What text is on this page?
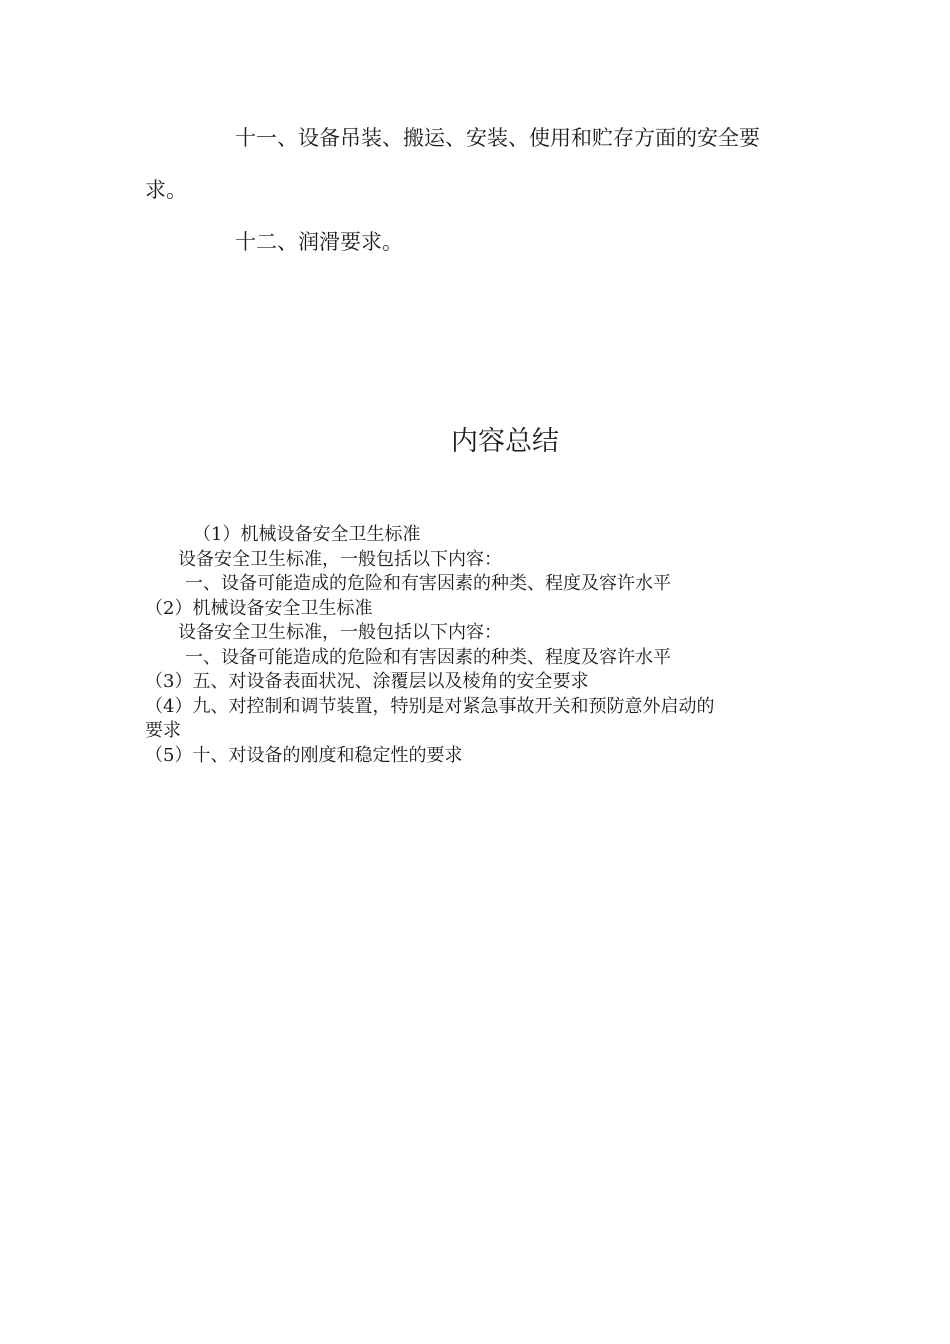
十一、设备吊装、搬运、安装、使用和贮存方面的安全要

求。

十二、润滑要求。

内容总结
（1）机械设备安全卫生标准
设备安全卫生标准，一般包括以下内容：
一、设备可能造成的危险和有害因素的种类、程度及容许水平
（2）机械设备安全卫生标准
设备安全卫生标准，一般包括以下内容：
一、设备可能造成的危险和有害因素的种类、程度及容许水平
（3）五、对设备表面状况、涂覆层以及棱角的安全要求
（4）九、对控制和调节装置，特别是对紧急事故开关和预防意外启动的
要求
（5）十、对设备的刚度和稳定性的要求
